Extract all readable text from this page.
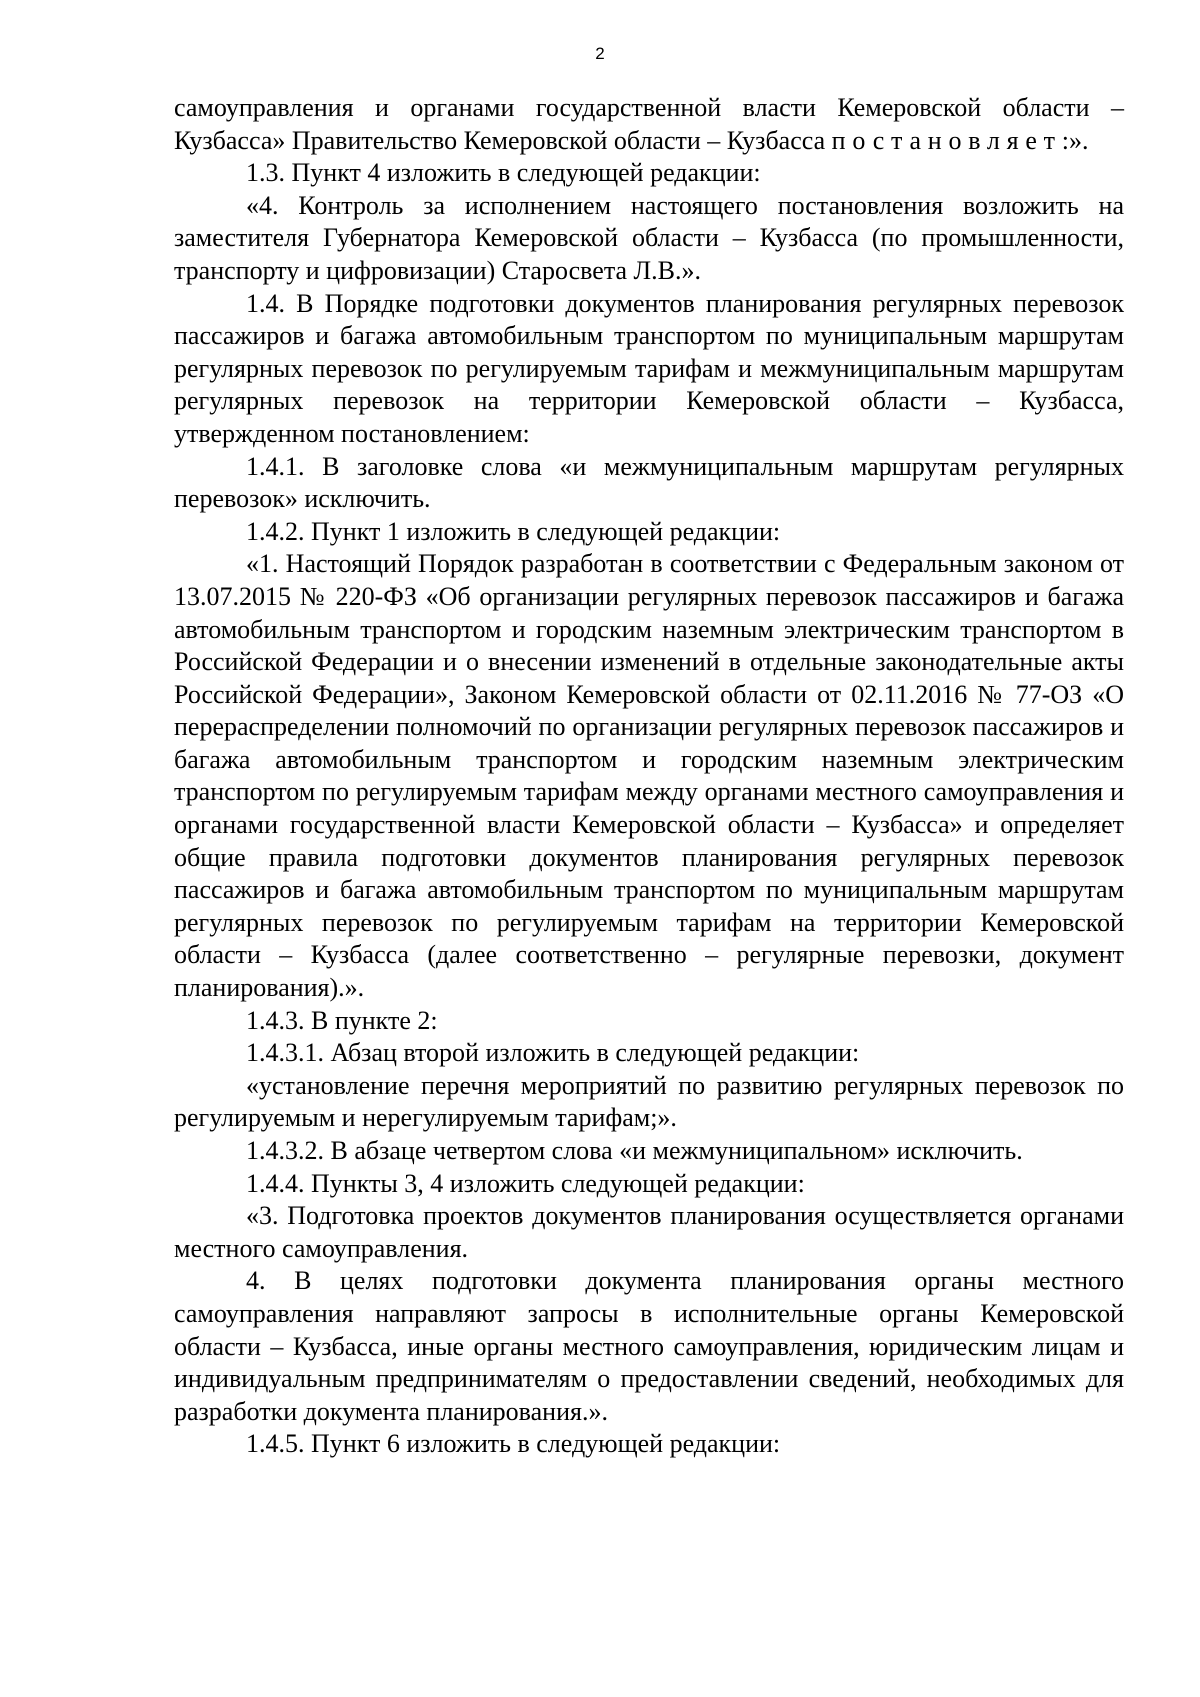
2

самоуправления и органами государственной власти Кемеровской области – Кузбасса» Правительство Кемеровской области – Кузбасса постановляет:».

1.3. Пункт 4 изложить в следующей редакции:

«4. Контроль за исполнением настоящего постановления возложить на заместителя Губернатора Кемеровской области – Кузбасса (по промышленности, транспорту и цифровизации) Старосвета Л.В.».

1.4. В Порядке подготовки документов планирования регулярных перевозок пассажиров и багажа автомобильным транспортом по муниципальным маршрутам регулярных перевозок по регулируемым тарифам и межмуниципальным маршрутам регулярных перевозок на территории Кемеровской области – Кузбасса, утвержденном постановлением:

1.4.1. В заголовке слова «и межмуниципальным маршрутам регулярных перевозок» исключить.

1.4.2. Пункт 1 изложить в следующей редакции:

«1. Настоящий Порядок разработан в соответствии с Федеральным законом от 13.07.2015 № 220-ФЗ «Об организации регулярных перевозок пассажиров и багажа автомобильным транспортом и городским наземным электрическим транспортом в Российской Федерации и о внесении изменений в отдельные законодательные акты Российской Федерации», Законом Кемеровской области от 02.11.2016 № 77-ОЗ «О перераспределении полномочий по организации регулярных перевозок пассажиров и багажа автомобильным транспортом и городским наземным электрическим транспортом по регулируемым тарифам между органами местного самоуправления и органами государственной власти Кемеровской области – Кузбасса» и определяет общие правила подготовки документов планирования регулярных перевозок пассажиров и багажа автомобильным транспортом по муниципальным маршрутам регулярных перевозок по регулируемым тарифам на территории Кемеровской области – Кузбасса (далее соответственно – регулярные перевозки, документ планирования).».

1.4.3. В пункте 2:

1.4.3.1. Абзац второй изложить в следующей редакции:

«установление перечня мероприятий по развитию регулярных перевозок по регулируемым и нерегулируемым тарифам;».

1.4.3.2. В абзаце четвертом слова «и межмуниципальном» исключить.

1.4.4. Пункты 3, 4 изложить следующей редакции:

«3. Подготовка проектов документов планирования осуществляется органами местного самоуправления.

4. В целях подготовки документа планирования органы местного самоуправления направляют запросы в исполнительные органы Кемеровской области – Кузбасса, иные органы местного самоуправления, юридическим лицам и индивидуальным предпринимателям о предоставлении сведений, необходимых для разработки документа планирования.».

1.4.5. Пункт 6 изложить в следующей редакции:
